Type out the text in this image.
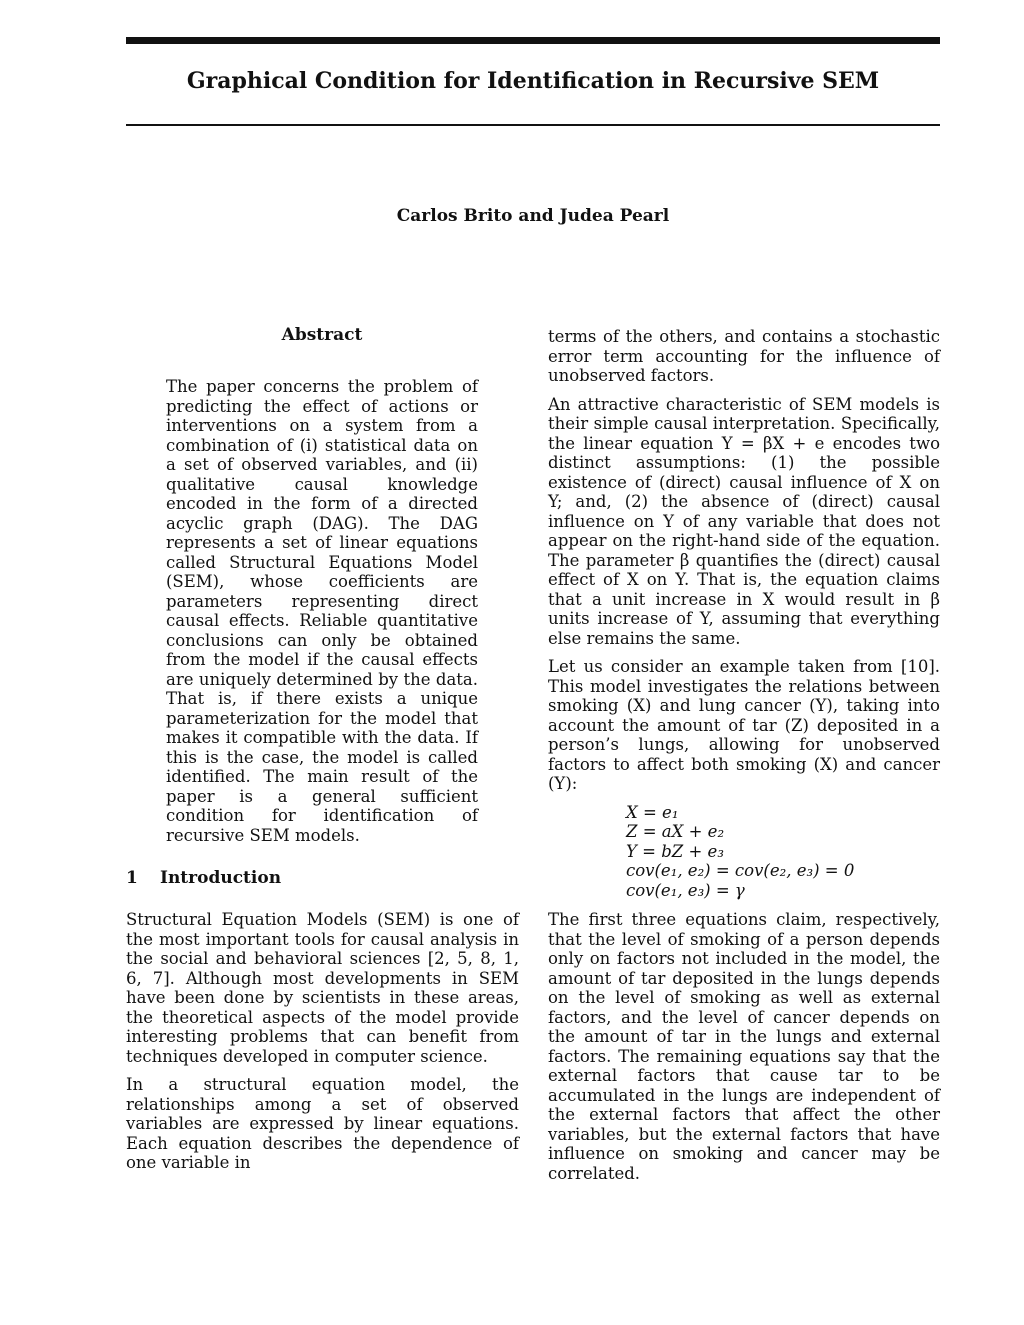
Graphical Condition for Identification in Recursive SEM
Carlos Brito and Judea Pearl
Abstract

The paper concerns the problem of predicting the effect of actions or interventions on a system from a combination of (i) statistical data on a set of observed variables, and (ii) qualitative causal knowledge encoded in the form of a directed acyclic graph (DAG). The DAG represents a set of linear equations called Structural Equations Model (SEM), whose coefficients are parameters representing direct causal effects. Reliable quantitative conclusions can only be obtained from the model if the causal effects are uniquely determined by the data. That is, if there exists a unique parameterization for the model that makes it compatible with the data. If this is the case, the model is called identified. The main result of the paper is a general sufficient condition for identification of recursive SEM models.

1 Introduction

Structural Equation Models (SEM) is one of the most important tools for causal analysis in the social and behavioral sciences [2, 5, 8, 1, 6, 7]. Although most developments in SEM have been done by scientists in these areas, the theoretical aspects of the model provide interesting problems that can benefit from techniques developed in computer science.

In a structural equation model, the relationships among a set of observed variables are expressed by linear equations. Each equation describes the dependence of one variable in

terms of the others, and contains a stochastic error term accounting for the influence of unobserved factors.

An attractive characteristic of SEM models is their simple causal interpretation. Specifically, the linear equation Y = βX + e encodes two distinct assumptions: (1) the possible existence of (direct) causal influence of X on Y; and, (2) the absence of (direct) causal influence on Y of any variable that does not appear on the right-hand side of the equation. The parameter β quantifies the (direct) causal effect of X on Y. That is, the equation claims that a unit increase in X would result in β units increase of Y, assuming that everything else remains the same.

Let us consider an example taken from [10]. This model investigates the relations between smoking (X) and lung cancer (Y), taking into account the amount of tar (Z) deposited in a person’s lungs, allowing for unobserved factors to affect both smoking (X) and cancer (Y):

X = e₁
Z = aX + e₂
Y = bZ + e₃
cov(e₁, e₂) = cov(e₂, e₃) = 0
cov(e₁, e₃) = γ

The first three equations claim, respectively, that the level of smoking of a person depends only on factors not included in the model, the amount of tar deposited in the lungs depends on the level of smoking as well as external factors, and the level of cancer depends on the amount of tar in the lungs and external factors. The remaining equations say that the external factors that cause tar to be accumulated in the lungs are independent of the external factors that affect the other variables, but the external factors that have influence on smoking and cancer may be correlated.
